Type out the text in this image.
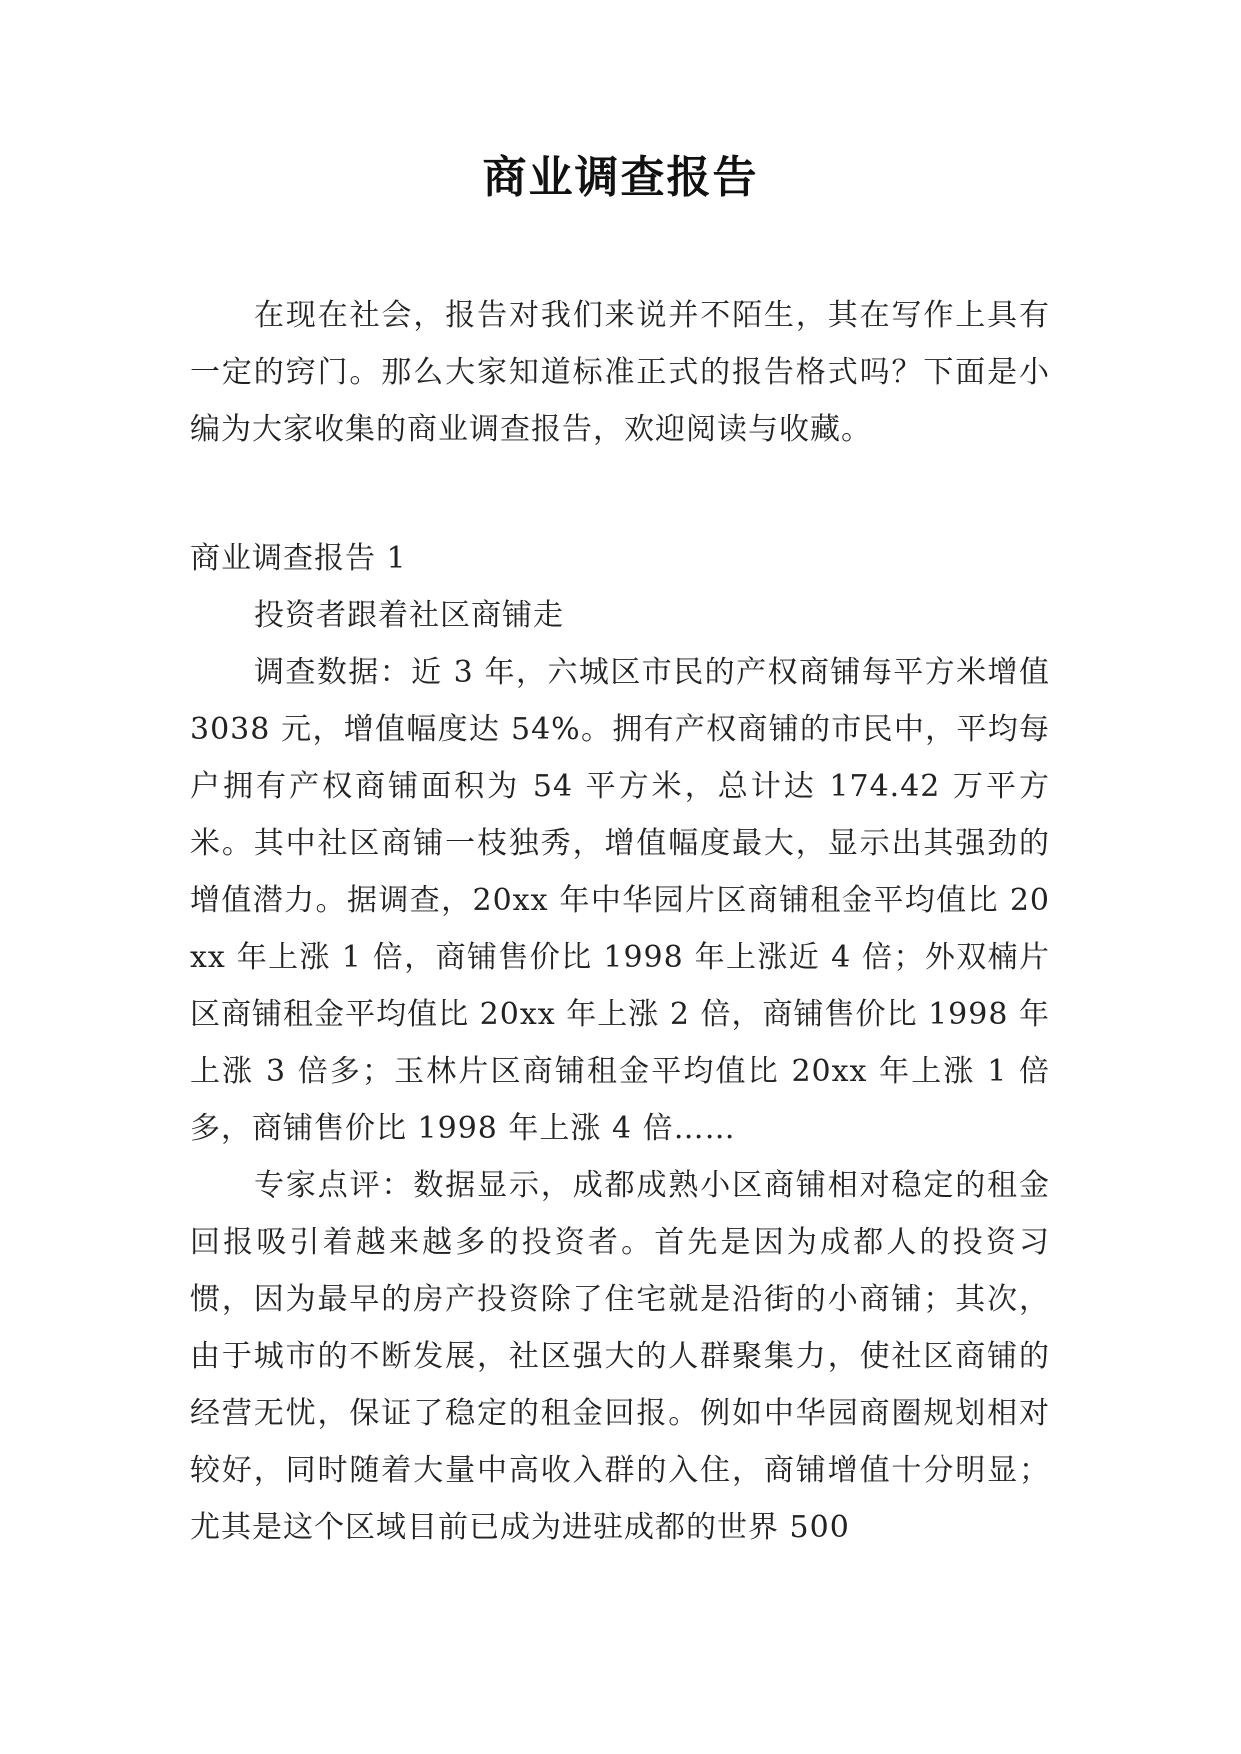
商业调查报告

在现在社会，报告对我们来说并不陌生，其在写作上具有一定的窍门。那么大家知道标准正式的报告格式吗？下面是小编为大家收集的商业调查报告，欢迎阅读与收藏。

商业调查报告 1

投资者跟着社区商铺走

调查数据：近 3 年，六城区市民的产权商铺每平方米增值 3038 元，增值幅度达 54%。拥有产权商铺的市民中，平均每户拥有产权商铺面积为 54 平方米，总计达 174.42 万平方米。其中社区商铺一枝独秀，增值幅度最大，显示出其强劲的增值潜力。据调查，20xx 年中华园片区商铺租金平均值比 20xx 年上涨 1 倍，商铺售价比 1998 年上涨近 4 倍；外双楠片区商铺租金平均值比 20xx 年上涨 2 倍，商铺售价比 1998 年上涨 3 倍多；玉林片区商铺租金平均值比 20xx 年上涨 1 倍多，商铺售价比 1998 年上涨 4 倍……

专家点评：数据显示，成都成熟小区商铺相对稳定的租金回报吸引着越来越多的投资者。首先是因为成都人的投资习惯，因为最早的房产投资除了住宅就是沿街的小商铺；其次，由于城市的不断发展，社区强大的人群聚集力，使社区商铺的经营无忧，保证了稳定的租金回报。例如中华园商圈规划相对较好，同时随着大量中高收入群的入住，商铺增值十分明显；尤其是这个区域目前已成为进驻成都的世界 500
